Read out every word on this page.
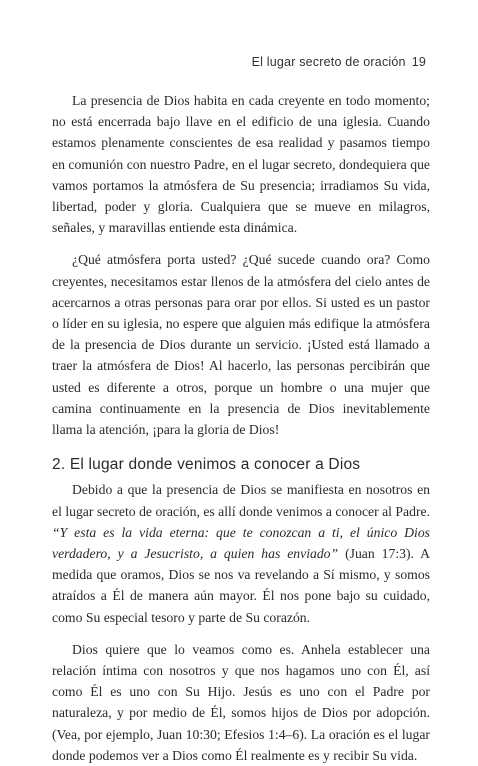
El lugar secreto de oración 19

La presencia de Dios habita en cada creyente en todo momento; no está encerrada bajo llave en el edificio de una iglesia. Cuando estamos plenamente conscientes de esa realidad y pasamos tiempo en comunión con nuestro Padre, en el lugar secreto, dondequiera que vamos portamos la atmósfera de Su presencia; irradiamos Su vida, libertad, poder y gloria. Cualquiera que se mueve en milagros, señales, y maravillas entiende esta dinámica.

¿Qué atmósfera porta usted? ¿Qué sucede cuando ora? Como creyentes, necesitamos estar llenos de la atmósfera del cielo antes de acercarnos a otras personas para orar por ellos. Si usted es un pastor o líder en su iglesia, no espere que alguien más edifique la atmósfera de la presencia de Dios durante un servicio. ¡Usted está llamado a traer la atmósfera de Dios! Al hacerlo, las personas percibirán que usted es diferente a otros, porque un hombre o una mujer que camina continuamente en la presencia de Dios inevitablemente llama la atención, ¡para la gloria de Dios!

2. El lugar donde venimos a conocer a Dios

Debido a que la presencia de Dios se manifiesta en nosotros en el lugar secreto de oración, es allí donde venimos a conocer al Padre. “Y esta es la vida eterna: que te conozcan a ti, el único Dios verdadero, y a Jesucristo, a quien has enviado” (Juan 17:3). A medida que oramos, Dios se nos va revelando a Sí mismo, y somos atraídos a Él de manera aún mayor. Él nos pone bajo su cuidado, como Su especial tesoro y parte de Su corazón.

Dios quiere que lo veamos como es. Anhela establecer una relación íntima con nosotros y que nos hagamos uno con Él, así como Él es uno con Su Hijo. Jesús es uno con el Padre por naturaleza, y por medio de Él, somos hijos de Dios por adopción. (Vea, por ejemplo, Juan 10:30; Efesios 1:4–6). La oración es el lugar donde podemos ver a Dios como Él realmente es y recibir Su vida.
